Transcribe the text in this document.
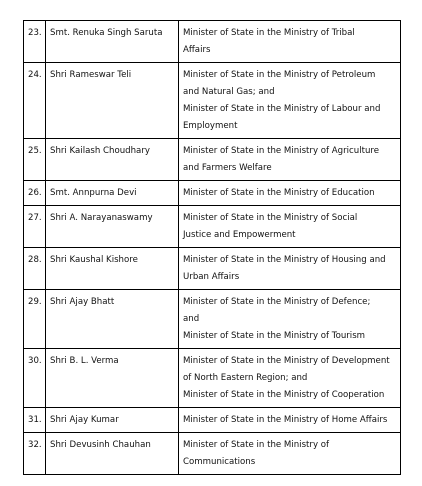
23.	Smt. Renuka Singh Saruta	Minister of State in the Ministry of Tribal
Affairs

24.	Shri Rameswar Teli	Minister of State in the Ministry of Petroleum
and Natural Gas; and
Minister of State in the Ministry of Labour and
Employment

25.	Shri Kailash Choudhary	Minister of State in the Ministry of Agriculture
and Farmers Welfare

26.	Smt. Annpurna Devi	Minister of State in the Ministry of Education

27.	Shri A. Narayanaswamy	Minister of State in the Ministry of Social
Justice and Empowerment

28.	Shri Kaushal Kishore	Minister of State in the Ministry of Housing and
Urban Affairs

29.	Shri Ajay Bhatt	Minister of State in the Ministry of Defence;
and
Minister of State in the Ministry of Tourism

30.	Shri B. L. Verma	Minister of State in the Ministry of Development
of North Eastern Region; and
Minister of State in the Ministry of Cooperation

31.	Shri Ajay Kumar	Minister of State in the Ministry of Home Affairs

32.	Shri Devusinh Chauhan	Minister of State in the Ministry of
Communications
